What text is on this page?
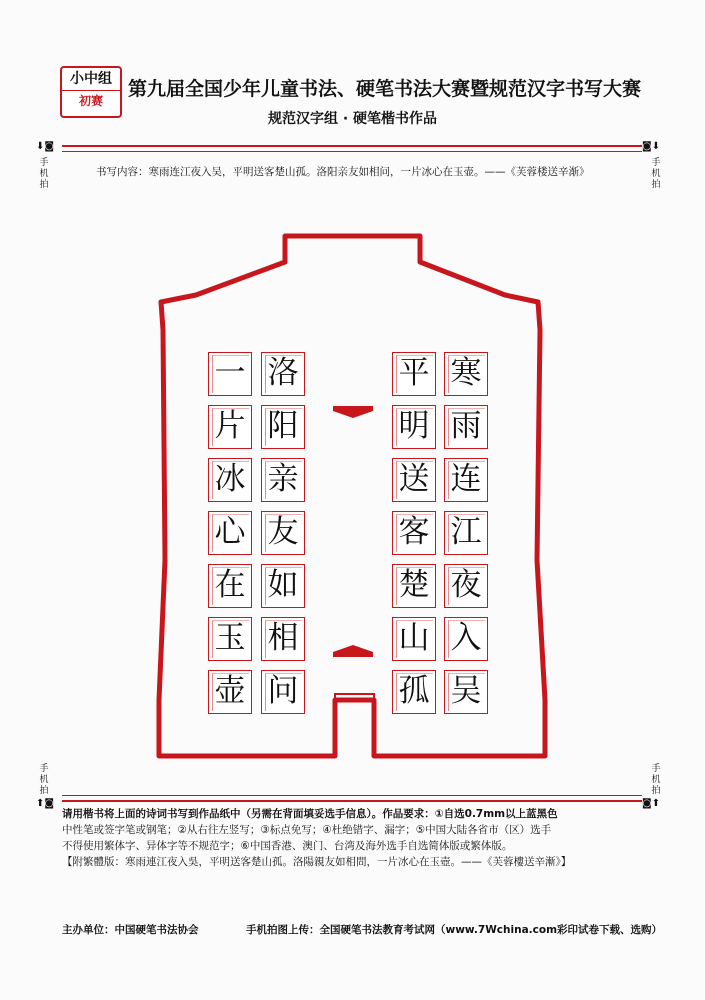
小中组
初赛
第九届全国少年儿童书法、硬笔书法大赛暨规范汉字书写大赛
规范汉字组 · 硬笔楷书作品
⬇◙	◙⬇
⬆◙	◙⬆
手机拍
手机拍
手机拍
手机拍
书写内容：寒雨连江夜入吴，平明送客楚山孤。洛阳亲友如相问，一片冰心在玉壶。——《芙蓉楼送辛渐》
寒
雨
连
江
夜
入
吴
平
明
送
客
楚
山
孤
洛
阳
亲
友
如
相
问
一
片
冰
心
在
玉
壶
请用楷书将上面的诗词书写到作品纸中（另需在背面填妥选手信息）。作品要求：①自选0.7mm以上蓝黑色
中性笔或签字笔或钢笔；②从右往左竖写；③标点免写；④杜绝错字、漏字；⑤中国大陆各省市（区）选手
不得使用繁体字、异体字等不规范字；⑥中国香港、澳门、台湾及海外选手自选简体版或繁体版。
【附繁體版：寒雨連江夜入吳，平明送客楚山孤。洛陽親友如相問，一片冰心在玉壺。——《芙蓉樓送辛漸》】
主办单位：中国硬笔书法协会	手机拍图上传：全国硬笔书法教育考试网（www.7Wchina.com彩印试卷下载、选购）
